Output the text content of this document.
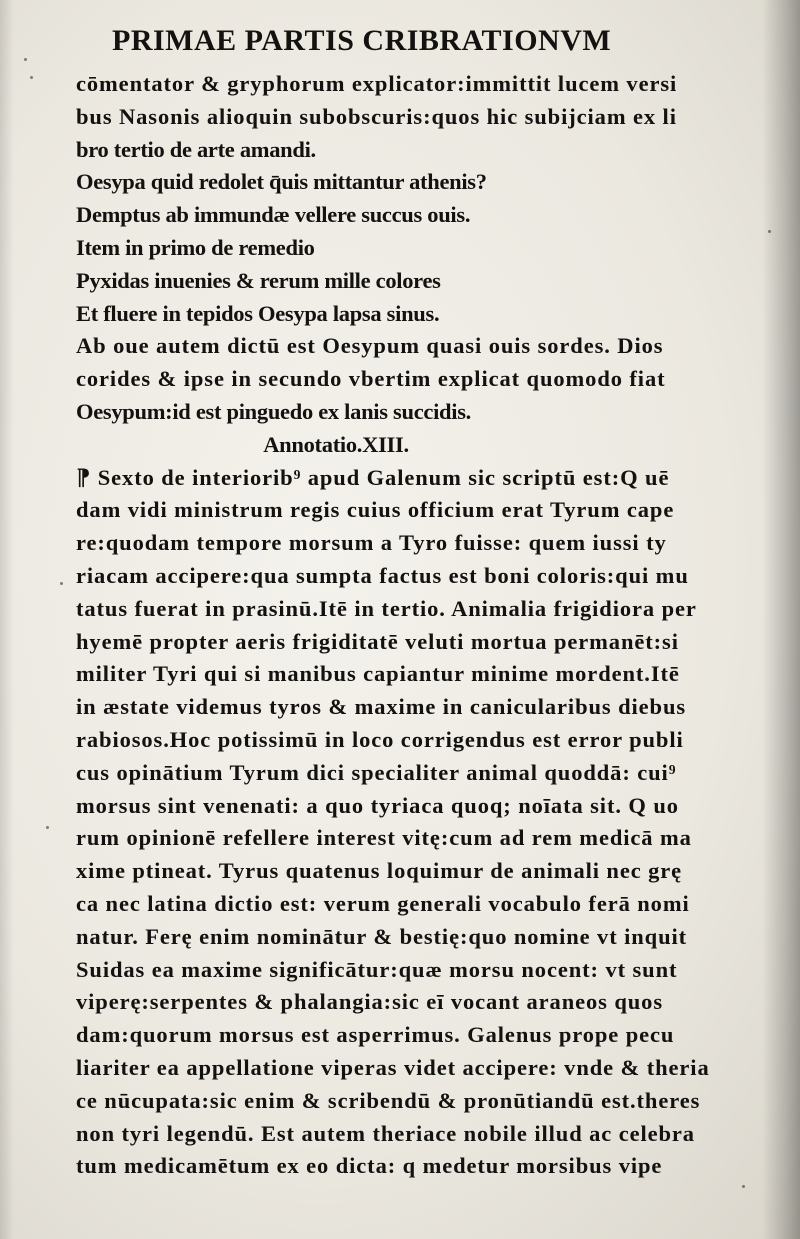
PRIMAE PARTIS CRIBRATIONVM
cōmentator & gryphorum explicator:immittit lucem versi
bus Nasonis alioquin subobscuris:quos hic subijciam ex li
bro tertio de arte amandi.
Oesypa quid redolet q̄uis mittantur athenis?
Demptus ab immundæ vellere succus ouis.
Item in primo de remedio
Pyxidas inuenies & rerum mille colores
Et fluere in tepidos Oesypa lapsa sinus.
Ab oue autem dictū est Oesypum quasi ouis sordes. Dios
corides & ipse in secundo vbertim explicat quomodo fiat
Oesypum:id est pinguedo ex lanis succidis.
Annotatio.XIII.
⁋ Sexto de interiorib⁹ apud Galenum sic scriptū est:Q uē
dam vidi ministrum regis cuius officium erat Tyrum cape
re:quodam tempore morsum a Tyro fuisse: quem iussi ty
riacam accipere:qua sumpta factus est boni coloris:qui mu
tatus fuerat in prasinū.Itē in tertio. Animalia frigidiora per
hyemē propter aeris frigiditatē veluti mortua permanēt:si
militer Tyri qui si manibus capiantur minime mordent.Itē
in æstate videmus tyros & maxime in canicularibus diebus
rabiosos.Hoc potissimū in loco corrigendus est error publi
cus opinātium Tyrum dici specialiter animal quoddā: cui⁹
morsus sint venenati: a quo tyriaca quoq; noīata sit. Q uo
rum opinionē refellere interest vitę:cum ad rem medicā ma
xime ptineat. Tyrus quatenus loquimur de animali nec grę
ca nec latina dictio est: verum generali vocabulo ferā nomi
natur. Ferę enim nominātur & bestię:quo nomine vt inquit
Suidas ea maxime significātur:quæ morsu nocent: vt sunt
viperę:serpentes & phalangia:sic eī vocant araneos quos
dam:quorum morsus est asperrimus. Galenus prope pecu
liariter ea appellatione viperas videt accipere: vnde & theria
ce nūcupata:sic enim & scribendū & pronūtiandū est.theres
non tyri legendū. Est autem theriace nobile illud ac celebra
tum medicamētum ex eo dicta: q medetur morsibus vipe
